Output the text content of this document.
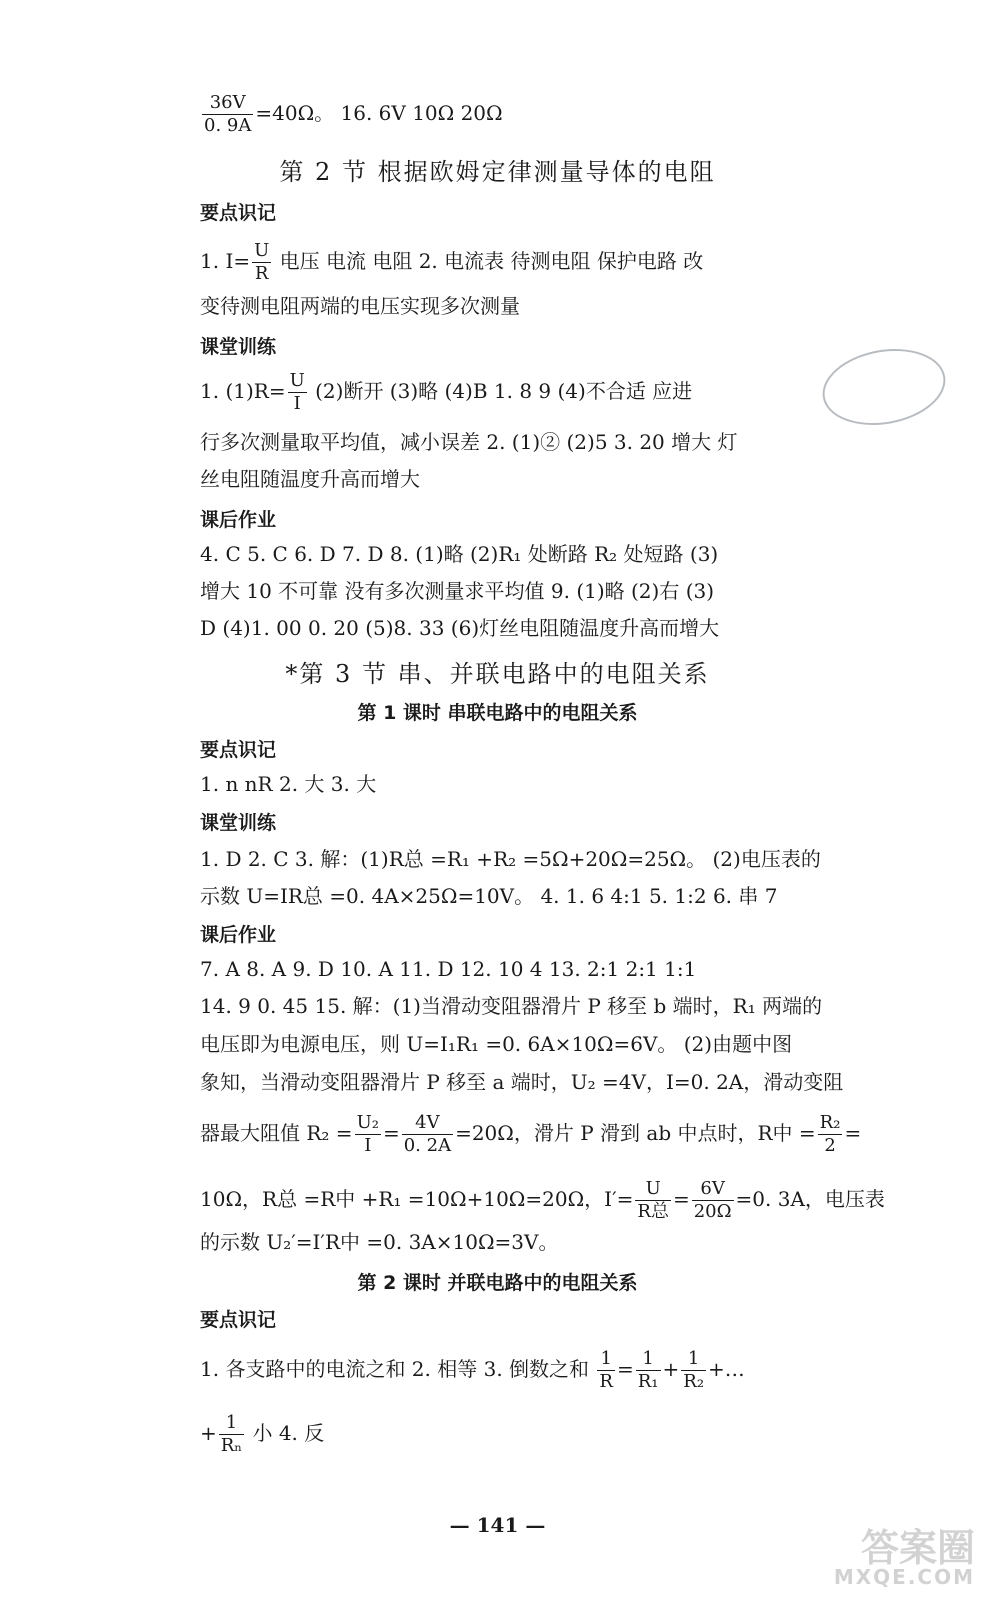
$\frac{36V}{0. 9A} =40\Omega$。 16. 6V 10Ω 20Ω
第 2 节 根据欧姆定律测量导体的电阻
要点识记
1. $I= \frac{U}{R}$ 电压 电流 电阻 2. 电流表 待测电阻 保护电路 改
变待测电阻两端的电压实现多次测量
课堂训练
1. $(1)R= \frac{U}{I} (2)$断开 (3)略 (4)B 1. 8 9 (4)不合适 应进
行多次测量取平均值，减小误差 2. (1)② (2)5 3. 20 增大 灯
丝电阻随温度升高而增大
课后作业
4. C 5. C 6. D 7. D 8. (1)略 (2)R₁ 处断路 R₂ 处短路 (3)
增大 10 不可靠 没有多次测量求平均值 9. (1)略 (2)右 (3)
D (4)1. 00 0. 20 (5)8. 33 (6)灯丝电阻随温度升高而增大
*第 3 节 串、并联电路中的电阻关系
第 1 课时 串联电路中的电阻关系
要点识记
1. n nR 2. 大 3. 大
课堂训练
1. D 2. C 3. 解：(1)R总 =R₁ +R₂ =5Ω+20Ω=25Ω。 (2)电压表的
示数 U=IR总 =0. 4A×25Ω=10V。 4. 1. 6 4:1 5. 1:2 6. 串 7
课后作业
7. A 8. A 9. D 10. A 11. D 12. 10 4 13. 2:1 2:1 1:1
14. 9 0. 45 15. 解：(1)当滑动变阻器滑片 P 移至 b 端时，R₁ 两端的
电压即为电源电压，则 U=I₁R₁ =0. 6A×10Ω=6V。 (2)由题中图
象知，当滑动变阻器滑片 P 移至 a 端时，U₂ =4V，I=0. 2A，滑动变阻
器最大阻值 $R_2 = \frac{\text{U₂}}{I} = \frac{4V}{0. 2A} =20\Omega$，滑片 P 滑到 ab 中点时，R中 = $\frac{\text{R₂}}{2}$ =
10Ω，R总 =R中 +R₁ =10Ω+10Ω=20Ω，$I'= \frac{U}{\text{R总}} = \frac{6V}{20\Omega} =0$. 3A，电压表
的示数 U₂′=I′R中 =0. 3A×10Ω=3V。
第 2 课时 并联电路中的电阻关系
要点识记
1. 各支路中的电流之和 2. 相等 3. 倒数之和 $\frac{1}{R} = \frac{1}{\text{R₁}} + \frac{1}{\text{R₂}}$ +…
+ $\frac{1}{\text{Rₙ}}$ 小 4. 反
— 141 —
答案圈
MXQE.COM
